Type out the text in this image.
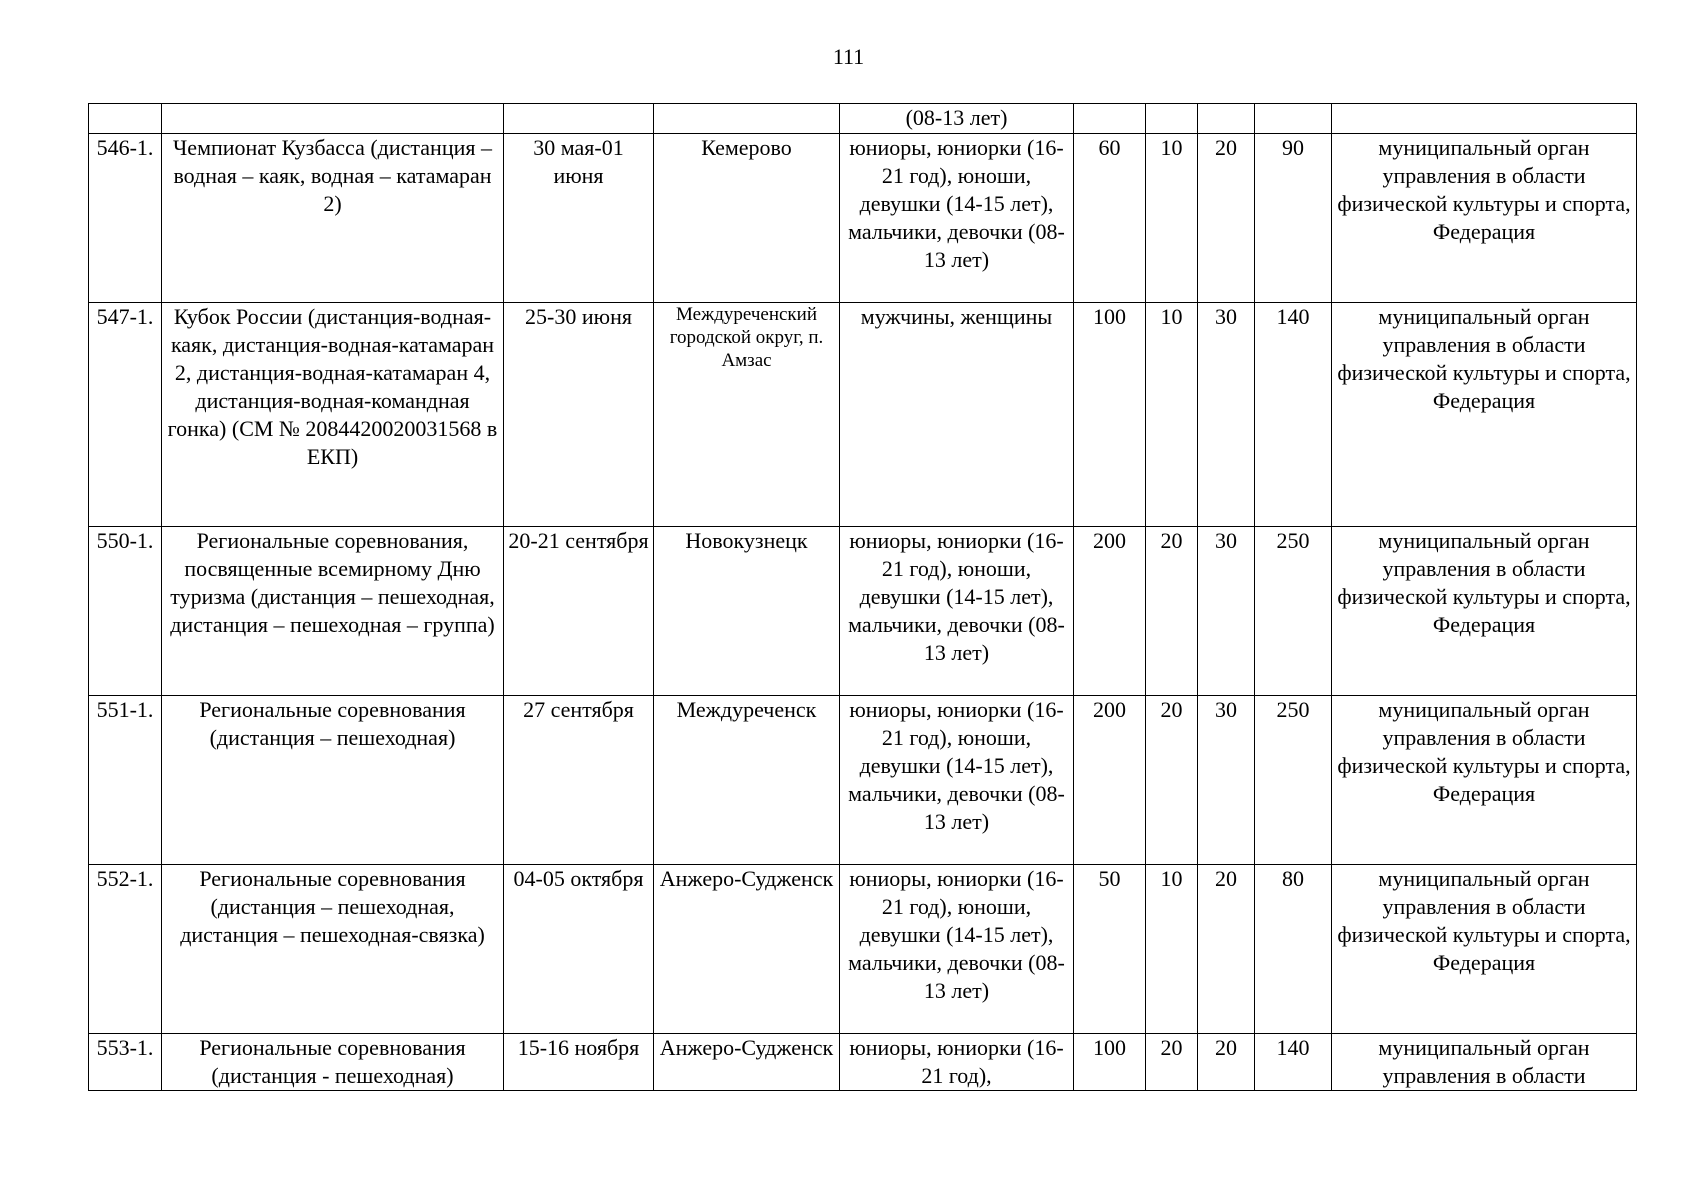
111
				(08-13 лет)					
546-1.	Чемпионат Кузбасса (дистанция – водная – каяк, водная – катамаран 2)	30 мая-01 июня	Кемерово	юниоры, юниорки (16-21 год), юноши, девушки (14-15 лет), мальчики, девочки (08-13 лет)	60	10	20	90	муниципальный орган управления в области физической культуры и спорта, Федерация
547-1.	Кубок России (дистанция-водная-каяк, дистанция-водная-катамаран 2, дистанция-водная-катамаран 4, дистанция-водная-командная гонка) (СМ № 2084420020031568 в ЕКП)	25-30 июня	Междуреченский городской округ, п. Амзас	мужчины, женщины	100	10	30	140	муниципальный орган управления в области физической культуры и спорта, Федерация
550-1.	Региональные соревнования, посвященные всемирному Дню туризма (дистанция – пешеходная, дистанция – пешеходная – группа)	20-21 сентября	Новокузнецк	юниоры, юниорки (16-21 год), юноши, девушки (14-15 лет), мальчики, девочки (08-13 лет)	200	20	30	250	муниципальный орган управления в области физической культуры и спорта, Федерация
551-1.	Региональные соревнования (дистанция – пешеходная)	27 сентября	Междуреченск	юниоры, юниорки (16-21 год), юноши, девушки (14-15 лет), мальчики, девочки (08-13 лет)	200	20	30	250	муниципальный орган управления в области физической культуры и спорта, Федерация
552-1.	Региональные соревнования (дистанция – пешеходная, дистанция – пешеходная-связка)	04-05 октября	Анжеро-Судженск	юниоры, юниорки (16-21 год), юноши, девушки (14-15 лет), мальчики, девочки (08-13 лет)	50	10	20	80	муниципальный орган управления в области физической культуры и спорта, Федерация
553-1.	Региональные соревнования (дистанция - пешеходная)	15-16 ноября	Анжеро-Судженск	юниоры, юниорки (16-21 год),	100	20	20	140	муниципальный орган управления в области
